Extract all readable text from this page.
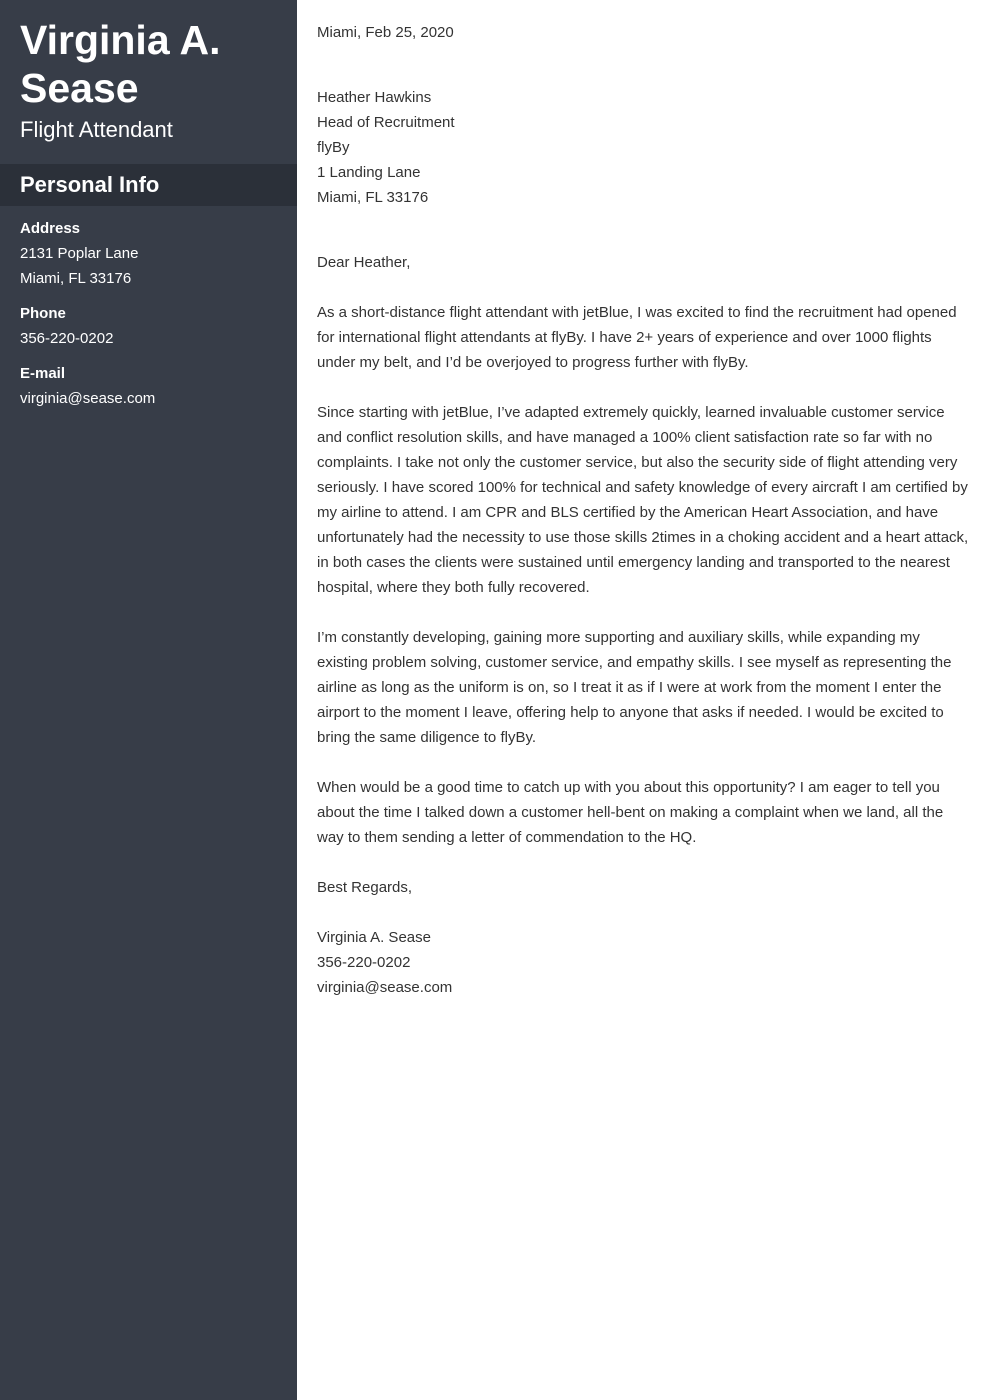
Virginia A.
Sease
Flight Attendant
Personal Info
Address
2131 Poplar Lane
Miami, FL 33176
Phone
356-220-0202
E-mail
virginia@sease.com
Miami, Feb 25, 2020
Heather Hawkins
Head of Recruitment
flyBy
1 Landing Lane
Miami, FL 33176
Dear Heather,
As a short-distance flight attendant with jetBlue, I was excited to find the recruitment had opened for international flight attendants at flyBy. I have 2+ years of experience and over 1000 flights under my belt, and I’d be overjoyed to progress further with flyBy.
Since starting with jetBlue, I’ve adapted extremely quickly, learned invaluable customer service and conflict resolution skills, and have managed a 100% client satisfaction rate so far with no complaints. I take not only the customer service, but also the security side of flight attending very seriously. I have scored 100% for technical and safety knowledge of every aircraft I am certified by my airline to attend. I am CPR and BLS certified by the American Heart Association, and have unfortunately had the necessity to use those skills 2times in a choking accident and a heart attack, in both cases the clients were sustained until emergency landing and transported to the nearest hospital, where they both fully recovered.
I’m constantly developing, gaining more supporting and auxiliary skills, while expanding my existing problem solving, customer service, and empathy skills. I see myself as representing the airline as long as the uniform is on, so I treat it as if I were at work from the moment I enter the airport to the moment I leave, offering help to anyone that asks if needed. I would be excited to bring the same diligence to flyBy.
When would be a good time to catch up with you about this opportunity? I am eager to tell you about the time I talked down a customer hell-bent on making a complaint when we land, all the way to them sending a letter of commendation to the HQ.
Best Regards,
Virginia A. Sease
356-220-0202
virginia@sease.com
